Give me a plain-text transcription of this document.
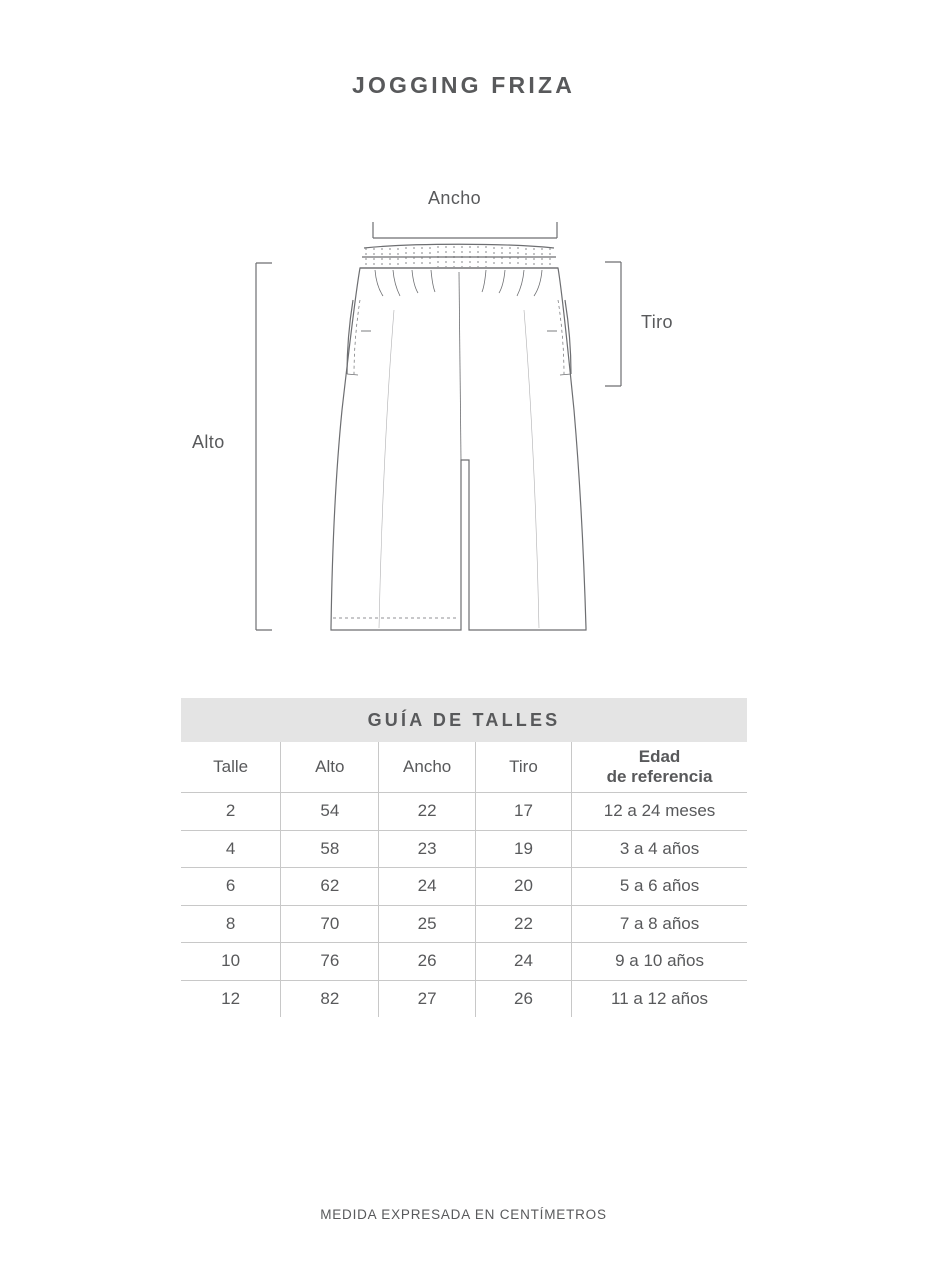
JOGGING FRIZA
Ancho
Tiro
Alto
GUÍA DE TALLES
Talle	Alto	Ancho	Tiro	Edad
de referencia
2	54	22	17	12 a 24 meses
4	58	23	19	3 a 4 años
6	62	24	20	5 a 6 años
8	70	25	22	7 a 8 años
10	76	26	24	9 a 10 años
12	82	27	26	11 a 12 años
MEDIDA EXPRESADA EN CENTÍMETROS
